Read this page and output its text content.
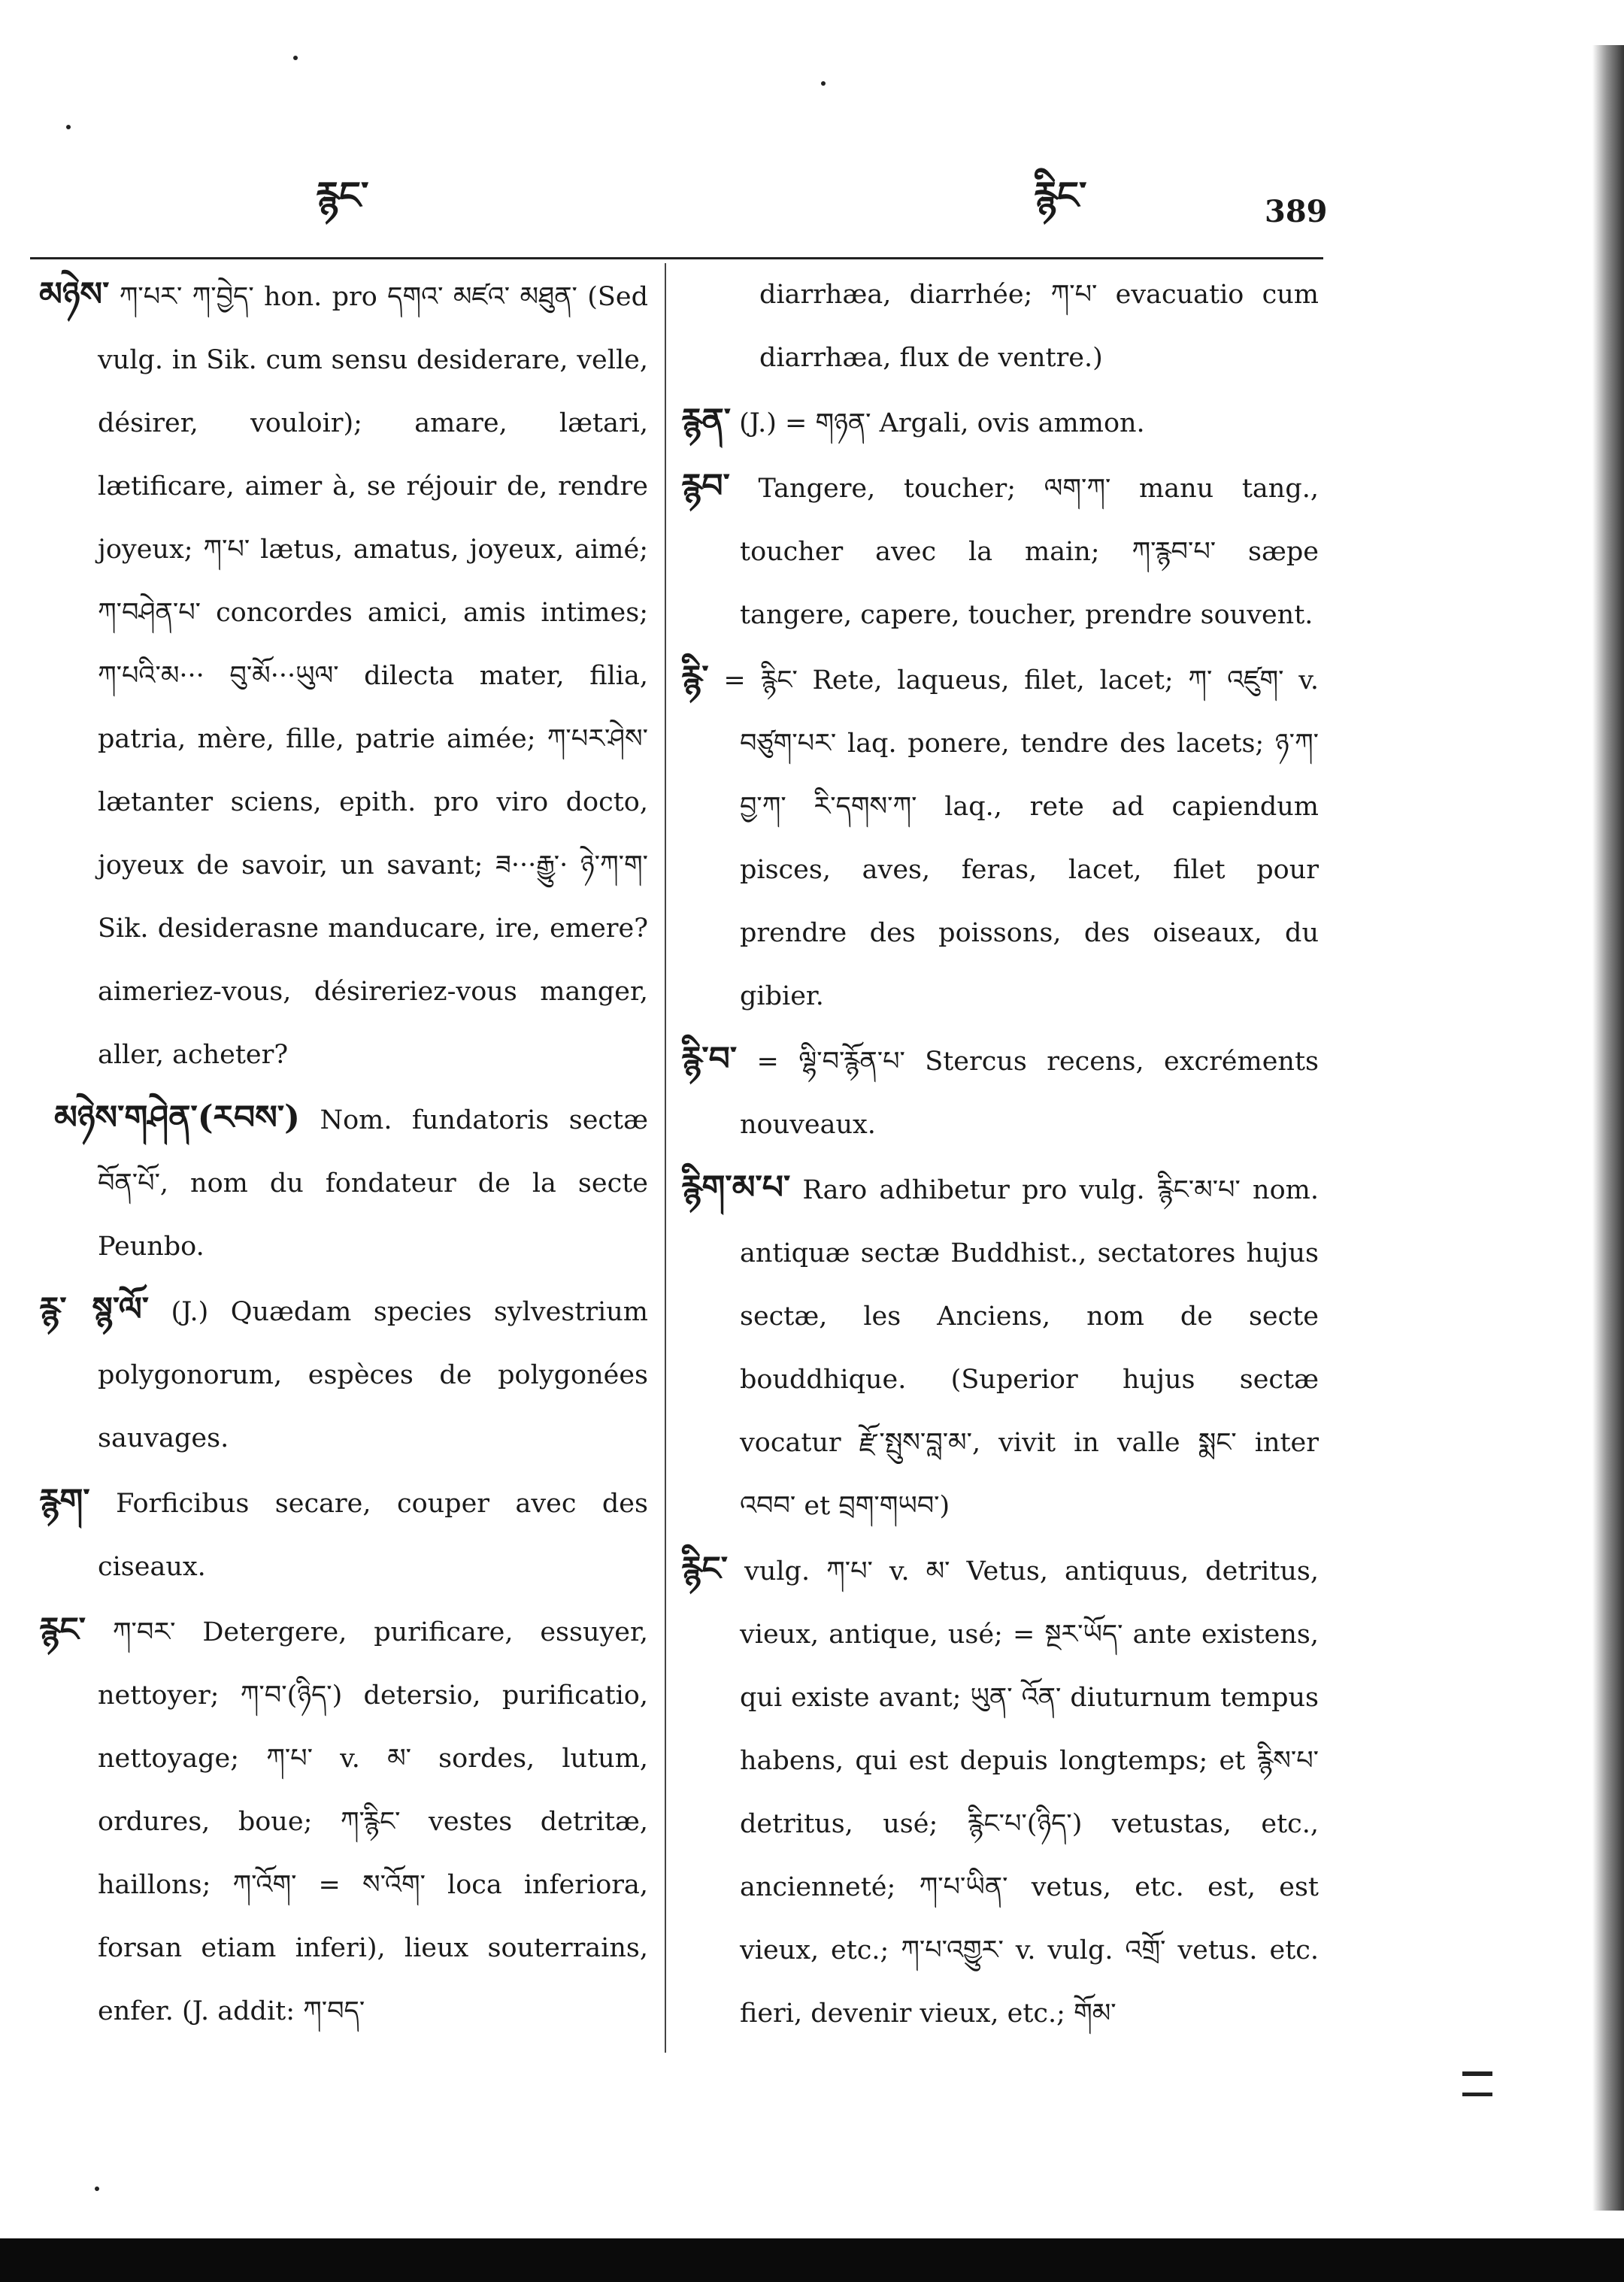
རྙང་	རྙིང་	389

མཉེས་ ཀ་པར་ ཀ་བྱེད་ hon. pro དགའ་ མཛའ་ མཐུན་ (Sed vulg. in Sik. cum sensu desiderare, velle, désirer, vouloir); amare, lætari, lætificare, aimer à, se réjouir de, rendre joyeux; ཀ་པ་ lætus, amatus, joyeux, aimé; ཀ་བཤེན་པ་ concordes amici, amis intimes; ཀ་པའི་མ··· བུ་མོ···ཡུལ་ dilecta mater, filia, patria, mère, fille, patrie aimée; ཀ་པར་ཤེས་ lætanter sciens, epith. pro viro docto, joyeux de savoir, un savant; ཟ···རྒྱུ་· ཉེ་ཀ་ག་ Sik. desiderasne manducare, ire, emere? aimeriez-vous, désireriez-vous manger, aller, acheter?

མཉེས་གཤེན་(རབས་) Nom. fundatoris sectæ བོན་པོ་, nom du fondateur de la secte Peunbo.

རྙ་ སྙ་ལོ་ (J.) Quædam species sylvestrium polygonorum, espèces de polygonées sauvages.

རྙག་ Forficibus secare, couper avec des ciseaux.

རྙང་ ཀ་བར་ Detergere, purificare, essuyer, nettoyer; ཀ་བ་(ཉིད་) detersio, purificatio, nettoyage; ཀ་པ་ v. མ་ sordes, lutum, ordures, boue; ཀ་རྙིང་ vestes detritæ, haillons; ཀ་འོག་ = ས་འོག་ loca inferiora, forsan etiam inferi), lieux souterrains, enfer. (J. addit: ཀ་བད་

diarrhæa, diarrhée; ཀ་པ་ evacuatio cum diarrhæa, flux de ventre.)

རྙན་ (J.) = གཉན་ Argali, ovis ammon.

རྙབ་ Tangere, toucher; ལག་ཀ་ manu tang., toucher avec la main; ཀ་རྙབ་པ་ sæpe tangere, capere, toucher, prendre souvent.

རྙི་ = རྙིང་ Rete, laqueus, filet, lacet; ཀ་ འཛུག་ v. བཙུག་པར་ laq. ponere, tendre des lacets; ཉ་ཀ་ བྱ་ཀ་ རི་དགས་ཀ་ laq., rete ad capiendum pisces, aves, feras, lacet, filet pour prendre des poissons, des oiseaux, du gibier.

རྙི་བ་ = ལྷི་བ་རྙོན་པ་ Stercus recens, excréments nouveaux.

རྙིག་མ་པ་ Raro adhibetur pro vulg. རྙིང་མ་པ་ nom. antiquæ sectæ Buddhist., sectatores hujus sectæ, les Anciens, nom de secte bouddhique. (Superior hujus sectæ vocatur རྫོ་སྤུས་བླ་མ་, vivit in valle སྨང་ inter འབབ་ et བྲག་གཡབ་)

རྙིང་ vulg. ཀ་པ་ v. མ་ Vetus, antiquus, detritus, vieux, antique, usé; = སྔར་ཡོད་ ante existens, qui existe avant; ཡུན་ འོན་ diuturnum tempus habens, qui est depuis longtemps; et རྙིས་པ་ detritus, usé; རྙིང་པ་(ཉིད་) vetustas, etc., ancienneté; ཀ་པ་ཡིན་ vetus, etc. est, est vieux, etc.; ཀ་པ་འགྱུར་ v. vulg. འགྲོ་ vetus. etc. fieri, devenir vieux, etc.; གོམ་
